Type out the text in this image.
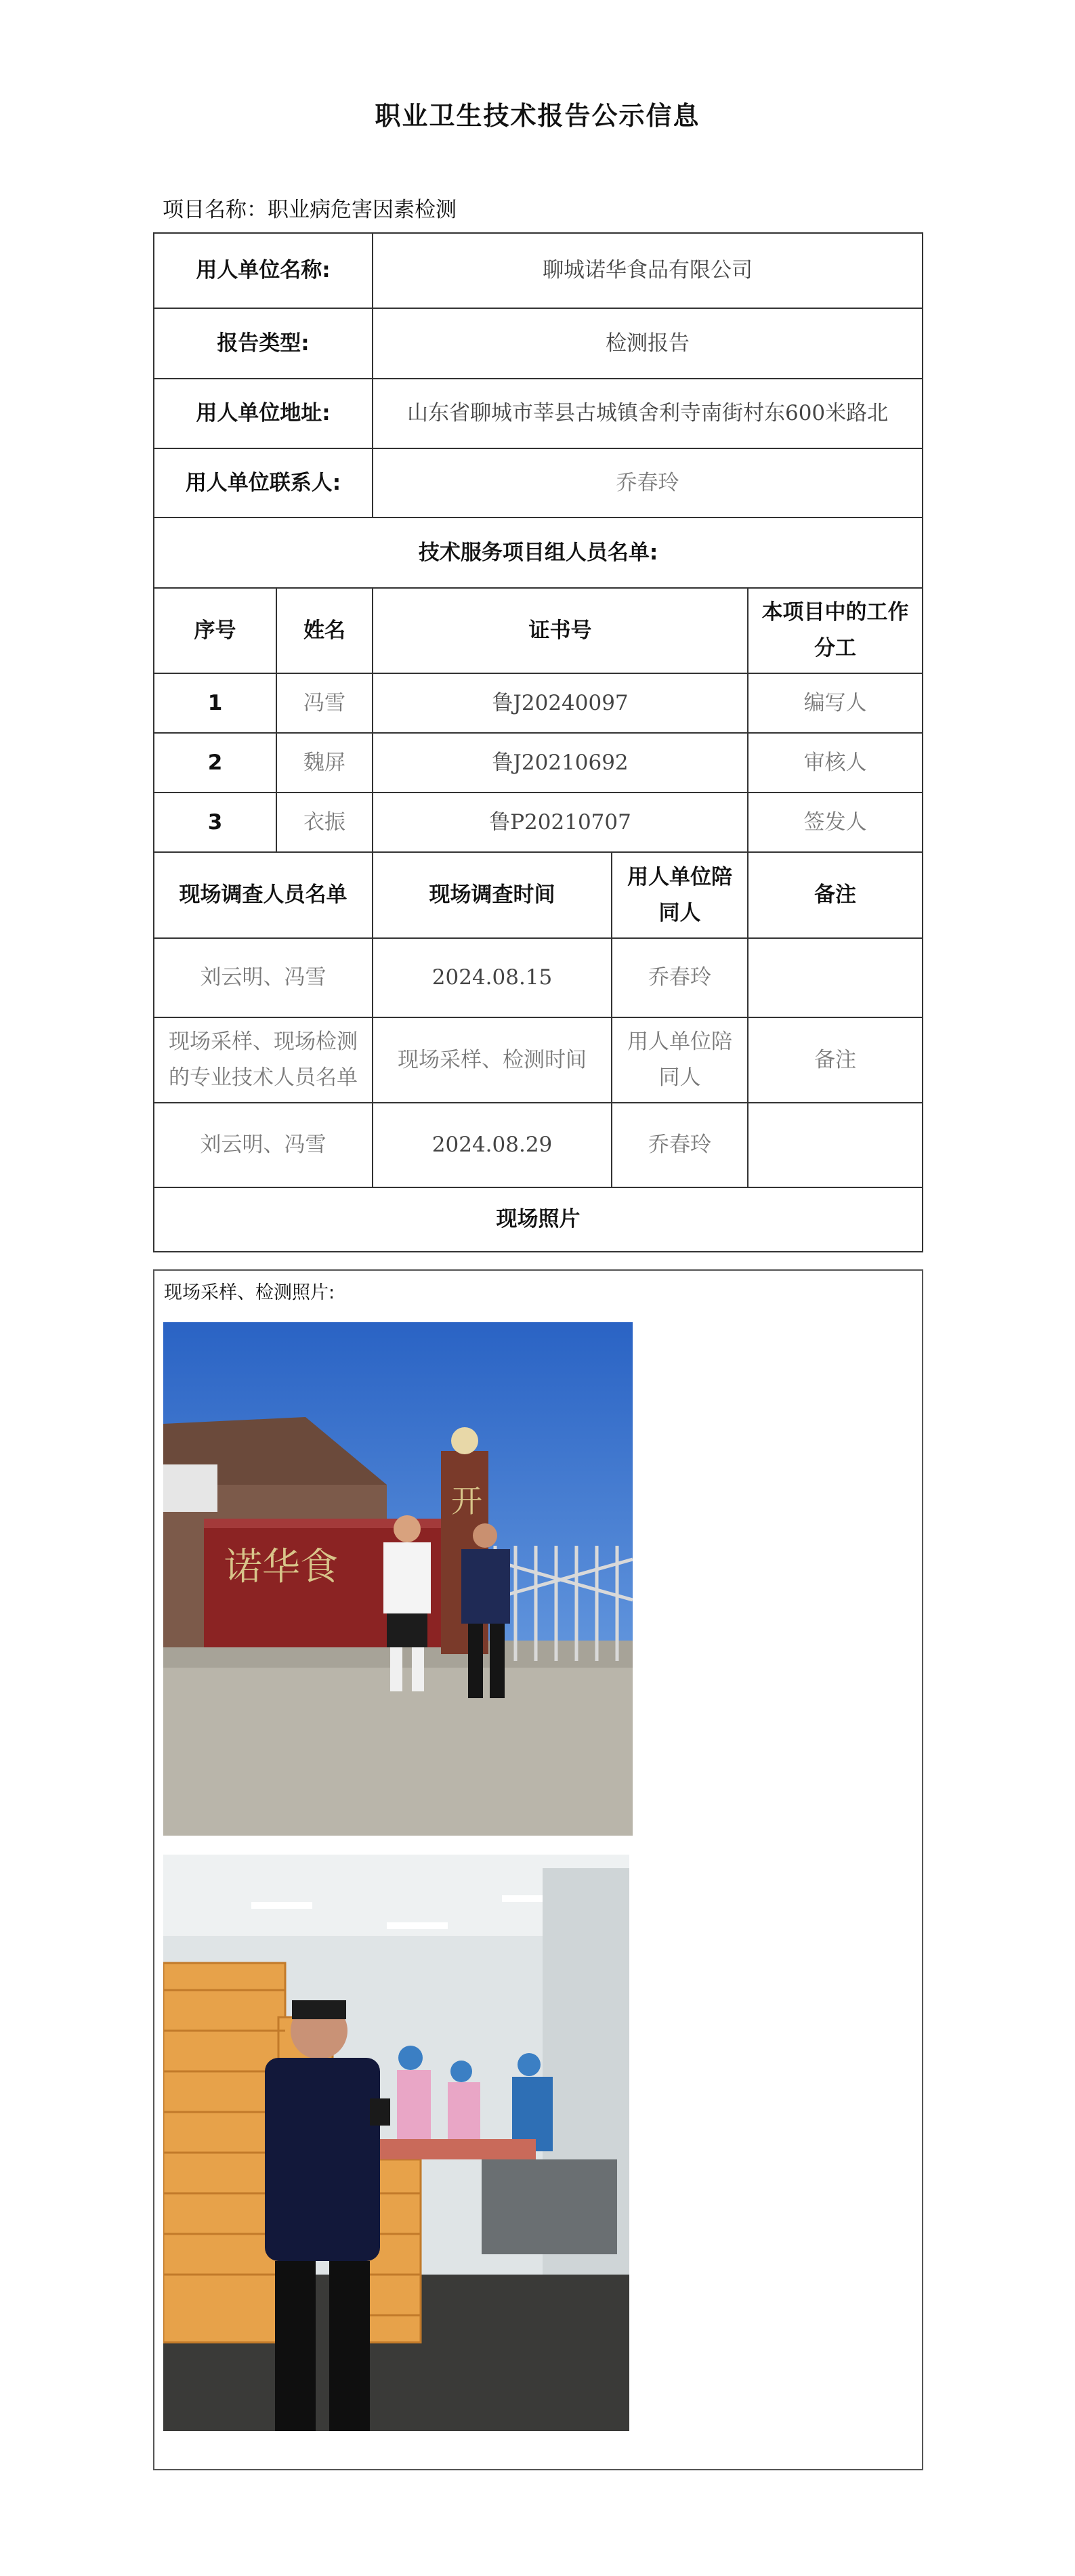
职业卫生技术报告公示信息
项目名称：职业病危害因素检测
用人单位名称:		聊城诺华食品有限公司		
报告类型:		检测报告		
用人单位地址:		山东省聊城市莘县古城镇舍利寺南街村东600米路北		
用人单位联系人:		乔春玲		
技术服务项目组人员名单:				
序号	姓名	证书号		本项目中的工作分工
1	冯雪	鲁J20240097		编写人
2	魏屏	鲁J20210692		审核人
3	衣振	鲁P20210707		签发人
现场调查人员名单		现场调查时间	用人单位陪同人	备注
刘云明、冯雪		2024.08.15	乔春玲	
现场采样、现场检测的专业技术人员名单		现场采样、检测时间	用人单位陪同人	备注
刘云明、冯雪		2024.08.29	乔春玲	
现场照片				
现场采样、检测照片:
诺华食
开
